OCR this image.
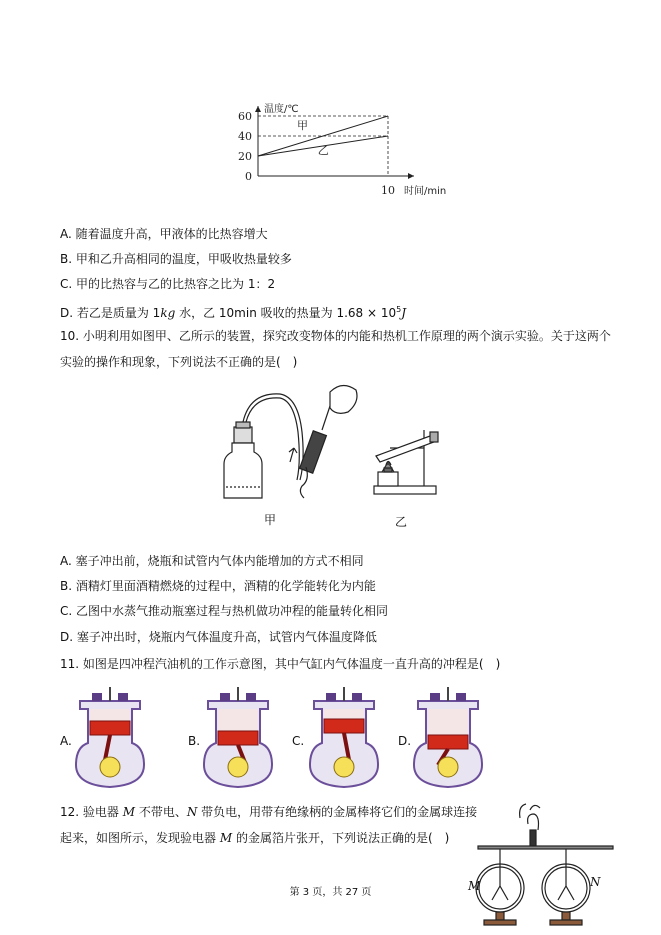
60
40
20
0
10
温度/℃
时间/min
甲
乙
A. 随着温度升高，甲液体的比热容增大
B. 甲和乙升高相同的温度，甲吸收热量较多
C. 甲的比热容与乙的比热容之比为 1：2
D. 若乙是质量为 1kg 水，乙 10min 吸收的热量为 $1.68 \times 10^5J$
10. 小明利用如图甲、乙所示的装置，探究改变物体的内能和热机工作原理的两个演示实验。关于这两个
实验的操作和现象，下列说法不正确的是(　)
甲	乙
A. 塞子冲出前，烧瓶和试管内气体内能增加的方式不相同
B. 酒精灯里面酒精燃烧的过程中，酒精的化学能转化为内能
C. 乙图中水蒸气推动瓶塞过程与热机做功冲程的能量转化相同
D. 塞子冲出时，烧瓶内气体温度升高，试管内气体温度降低
11. 如图是四冲程汽油机的工作示意图，其中气缸内气体温度一直升高的冲程是(　)
A.	B.	C.	D.
12. 验电器 M 不带电、N 带负电，用带有绝缘柄的金属棒将它们的金属球连接
起来，如图所示，发现验电器 M 的金属箔片张开，下列说法正确的是(　)
M	N
第 3 页，共 27 页
